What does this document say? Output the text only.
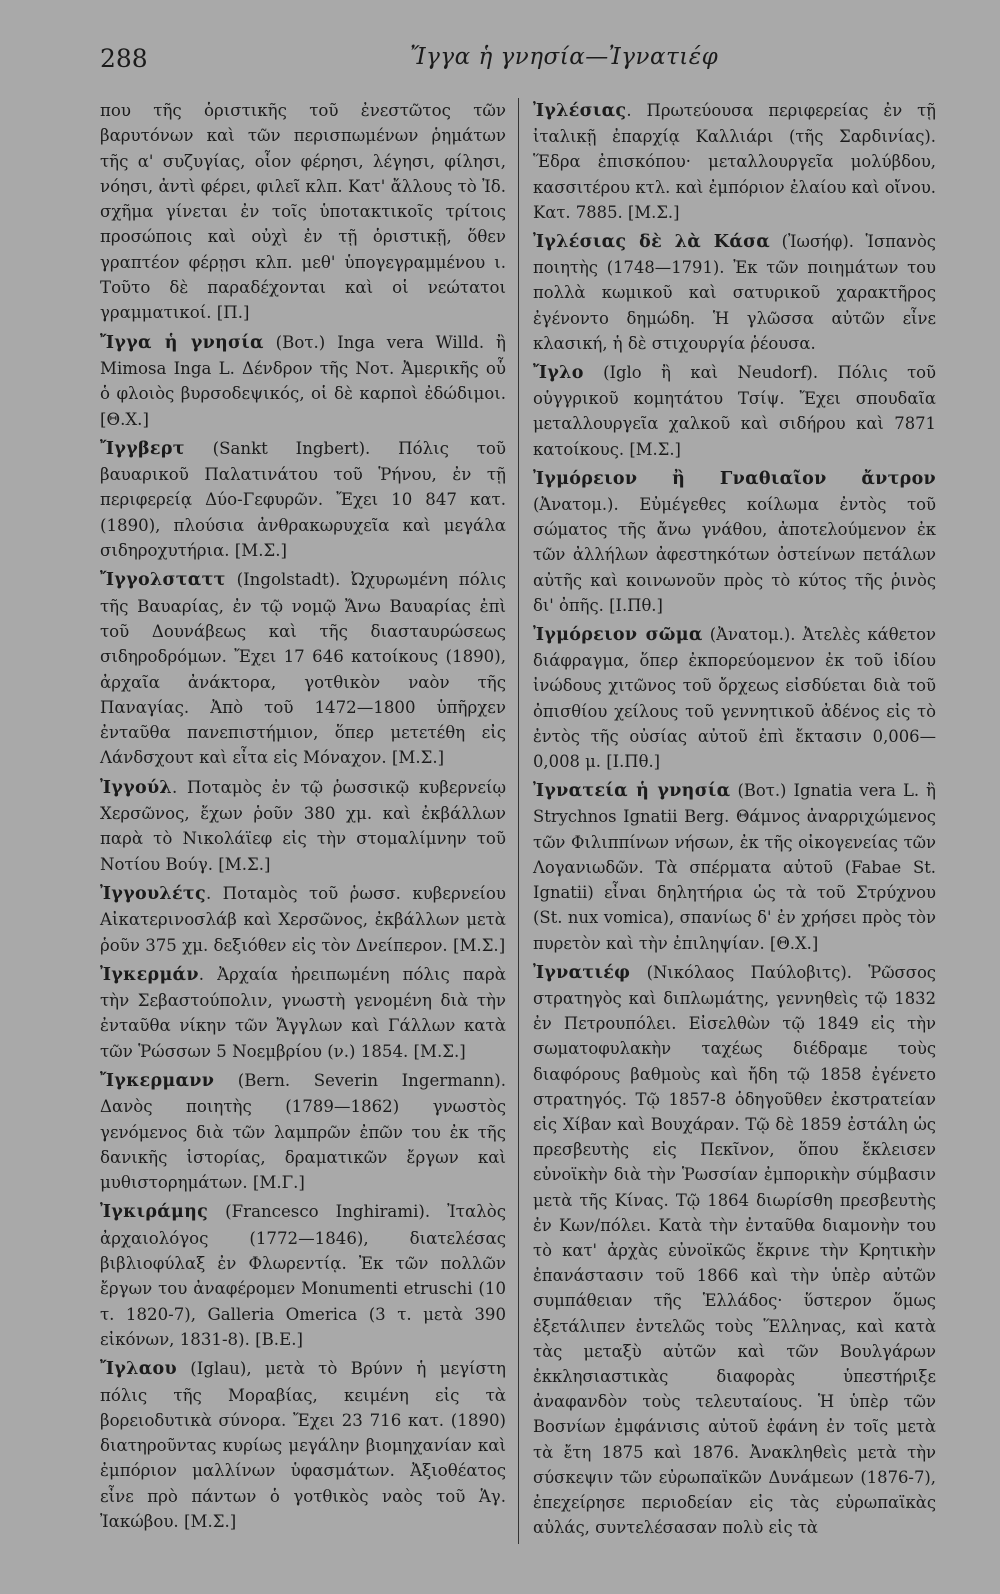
288	Ἴγγα ἡ γνησία—Ἰγνατιέφ

που τῆς ὁριστικῆς τοῦ ἐνεστῶτος τῶν βαρυτόνων καὶ τῶν περισπωμένων ῥημάτων τῆς α' συζυγίας, οἷον φέρησι, λέγησι, φίλησι, νόησι, ἀντὶ φέρει, φιλεῖ κλπ. Κατ' ἄλλους τὸ Ἰδ. σχῆμα γίνεται ἐν τοῖς ὑποτακτικοῖς τρίτοις προσώποις καὶ οὐχὶ ἐν τῇ ὁριστικῇ, ὅθεν γραπτέον φέρῃσι κλπ. μεθ' ὑπογεγραμμένου ι. Τοῦτο δὲ παραδέχονται καὶ οἱ νεώτατοι γραμματικοί. [Π.]

Ἴγγα ἡ γνησία (Βοτ.) Inga vera Willd. ἢ Mimosa Inga L. Δένδρον τῆς Νοτ. Ἀμερικῆς οὗ ὁ φλοιὸς βυρσοδεψικός, οἱ δὲ καρποὶ ἐδώδιμοι. [Θ.Χ.]

Ἴγγβερτ (Sankt Ingbert). Πόλις τοῦ βαυαρικοῦ Παλατινάτου τοῦ Ῥήνου, ἐν τῇ περιφερείᾳ Δύο-Γεφυρῶν. Ἔχει 10 847 κατ. (1890), πλούσια ἀνθρακωρυχεῖα καὶ μεγάλα σιδηροχυτήρια. [Μ.Σ.]

Ἴγγολσταττ (Ingolstadt). Ὠχυρωμένη πόλις τῆς Βαυαρίας, ἐν τῷ νομῷ Ἄνω Βαυαρίας ἐπὶ τοῦ Δουνάβεως καὶ τῆς διασταυρώσεως σιδηροδρόμων. Ἔχει 17 646 κατοίκους (1890), ἀρχαῖα ἀνάκτορα, γοτθικὸν ναὸν τῆς Παναγίας. Ἀπὸ τοῦ 1472—1800 ὑπῆρχεν ἐνταῦθα πανεπιστήμιον, ὅπερ μετετέθη εἰς Λάνδσχουτ καὶ εἶτα εἰς Μόναχον. [Μ.Σ.]

Ἰγγούλ. Ποταμὸς ἐν τῷ ῥωσσικῷ κυβερνείῳ Χερσῶνος, ἔχων ῥοῦν 380 χμ. καὶ ἐκβάλλων παρὰ τὸ Νικολάϊεφ εἰς τὴν στομαλίμνην τοῦ Νοτίου Βούγ. [Μ.Σ.]

Ἰγγουλέτς. Ποταμὸς τοῦ ῥωσσ. κυβερνείου Αἰκατερινοσλάβ καὶ Χερσῶνος, ἐκβάλλων μετὰ ῥοῦν 375 χμ. δεξιόθεν εἰς τὸν Δνείπερον. [Μ.Σ.]

Ἰγκερμάν. Ἀρχαία ἠρειπωμένη πόλις παρὰ τὴν Σεβαστούπολιν, γνωστὴ γενομένη διὰ τὴν ἐνταῦθα νίκην τῶν Ἄγγλων καὶ Γάλλων κατὰ τῶν Ῥώσσων 5 Νοεμβρίου (ν.) 1854. [Μ.Σ.]

Ἴγκερμανν (Bern. Severin Ingermann). Δανὸς ποιητὴς (1789—1862) γνωστὸς γενόμενος διὰ τῶν λαμπρῶν ἐπῶν του ἐκ τῆς δανικῆς ἱστορίας, δραματικῶν ἔργων καὶ μυθιστορημάτων. [Μ.Γ.]

Ἰγκιράμης (Francesco Inghirami). Ἰταλὸς ἀρχαιολόγος (1772—1846), διατελέσας βιβλιοφύλαξ ἐν Φλωρεντίᾳ. Ἐκ τῶν πολλῶν ἔργων του ἀναφέρομεν Monumenti etruschi (10 τ. 1820-7), Galleria Omerica (3 τ. μετὰ 390 εἰκόνων, 1831-8). [Β.Ε.]

Ἴγλαου (Iglau), μετὰ τὸ Βρύνν ἡ μεγίστη πόλις τῆς Μοραβίας, κειμένη εἰς τὰ βορειοδυτικὰ σύνορα. Ἔχει 23 716 κατ. (1890) διατηροῦντας κυρίως μεγάλην βιομηχανίαν καὶ ἐμπόριον μαλλίνων ὑφασμάτων. Ἀξιοθέατος εἶνε πρὸ πάντων ὁ γοτθικὸς ναὸς τοῦ Ἁγ. Ἰακώβου. [Μ.Σ.]

Ἰγλέσιας. Πρωτεύουσα περιφερείας ἐν τῇ ἰταλικῇ ἐπαρχίᾳ Καλλιάρι (τῆς Σαρδινίας). Ἕδρα ἐπισκόπου· μεταλλουργεῖα μολύβδου, κασσιτέρου κτλ. καὶ ἐμπόριον ἐλαίου καὶ οἴνου. Κατ. 7885. [Μ.Σ.]

Ἰγλέσιας δὲ λὰ Κάσα (Ἰωσήφ). Ἱσπανὸς ποιητὴς (1748—1791). Ἐκ τῶν ποιημάτων του πολλὰ κωμικοῦ καὶ σατυρικοῦ χαρακτῆρος ἐγένοντο δημώδη. Ἡ γλῶσσα αὐτῶν εἶνε κλασική, ἡ δὲ στιχουργία ῥέουσα.

Ἴγλο (Iglo ἢ καὶ Neudorf). Πόλις τοῦ οὑγγρικοῦ κομητάτου Τσίψ. Ἔχει σπουδαῖα μεταλλουργεῖα χαλκοῦ καὶ σιδήρου καὶ 7871 κατοίκους. [Μ.Σ.]

Ἰγμόρειον ἢ Γναθιαῖον ἄντρον (Ἀνατομ.). Εὐμέγεθες κοίλωμα ἐντὸς τοῦ σώματος τῆς ἄνω γνάθου, ἀποτελούμενον ἐκ τῶν ἀλλήλων ἀφεστηκότων ὀστείνων πετάλων αὐτῆς καὶ κοινωνοῦν πρὸς τὸ κύτος τῆς ῥινὸς δι' ὀπῆς. [Ι.Πθ.]

Ἰγμόρειον σῶμα (Ἀνατομ.). Ἀτελὲς κάθετον διάφραγμα, ὅπερ ἐκπορεύομενον ἐκ τοῦ ἰδίου ἰνώδους χιτῶνος τοῦ ὄρχεως εἰσδύεται διὰ τοῦ ὀπισθίου χείλους τοῦ γεννητικοῦ ἀδένος εἰς τὸ ἐντὸς τῆς οὐσίας αὐτοῦ ἐπὶ ἔκτασιν 0,006—0,008 μ. [Ι.Πθ.]

Ἰγνατεία ἡ γνησία (Βοτ.) Ignatia vera L. ἢ Strychnos Ignatii Berg. Θάμνος ἀναρριχώμενος τῶν Φιλιππίνων νήσων, ἐκ τῆς οἰκογενείας τῶν Λογανιωδῶν. Τὰ σπέρματα αὐτοῦ (Fabae St. Ignatii) εἶναι δηλητήρια ὡς τὰ τοῦ Στρύχνου (St. nux vomica), σπανίως δ' ἐν χρήσει πρὸς τὸν πυρετὸν καὶ τὴν ἐπιληψίαν. [Θ.Χ.]

Ἰγνατιέφ (Νικόλαος Παύλοβιτς). Ῥῶσσος στρατηγὸς καὶ διπλωμάτης, γεννηθεὶς τῷ 1832 ἐν Πετρουπόλει. Εἰσελθὼν τῷ 1849 εἰς τὴν σωματοφυλακὴν ταχέως διέδραμε τοὺς διαφόρους βαθμοὺς καὶ ἤδη τῷ 1858 ἐγένετο στρατηγός. Τῷ 1857-8 ὁδηγοῦθεν ἐκστρατείαν εἰς Χίβαν καὶ Βουχάραν. Τῷ δὲ 1859 ἐστάλη ὡς πρεσβευτὴς εἰς Πεκῖνον, ὅπου ἔκλεισεν εὐνοϊκὴν διὰ τὴν Ῥωσσίαν ἐμπορικὴν σύμβασιν μετὰ τῆς Κίνας. Τῷ 1864 διωρίσθη πρεσβευτὴς ἐν Κων/πόλει. Κατὰ τὴν ἐνταῦθα διαμονὴν του τὸ κατ' ἀρχὰς εὐνοϊκῶς ἔκρινε τὴν Κρητικὴν ἐπανάστασιν τοῦ 1866 καὶ τὴν ὑπὲρ αὐτῶν συμπάθειαν τῆς Ἑλλάδος· ὕστερον ὅμως ἐξετάλιπεν ἐντελῶς τοὺς Ἕλληνας, καὶ κατὰ τὰς μεταξὺ αὐτῶν καὶ τῶν Βουλγάρων ἐκκλησιαστικὰς διαφορὰς ὑπεστήριξε ἀναφανδὸν τοὺς τελευταίους. Ἡ ὑπὲρ τῶν Βοσνίων ἐμφάνισις αὐτοῦ ἐφάνη ἐν τοῖς μετὰ τὰ ἔτη 1875 καὶ 1876. Ἀνακληθεὶς μετὰ τὴν σύσκεψιν τῶν εὐρωπαϊκῶν Δυνάμεων (1876-7), ἐπεχείρησε περιοδείαν εἰς τὰς εὐρωπαϊκὰς αὐλάς, συντελέσασαν πολὺ εἰς τὰ
